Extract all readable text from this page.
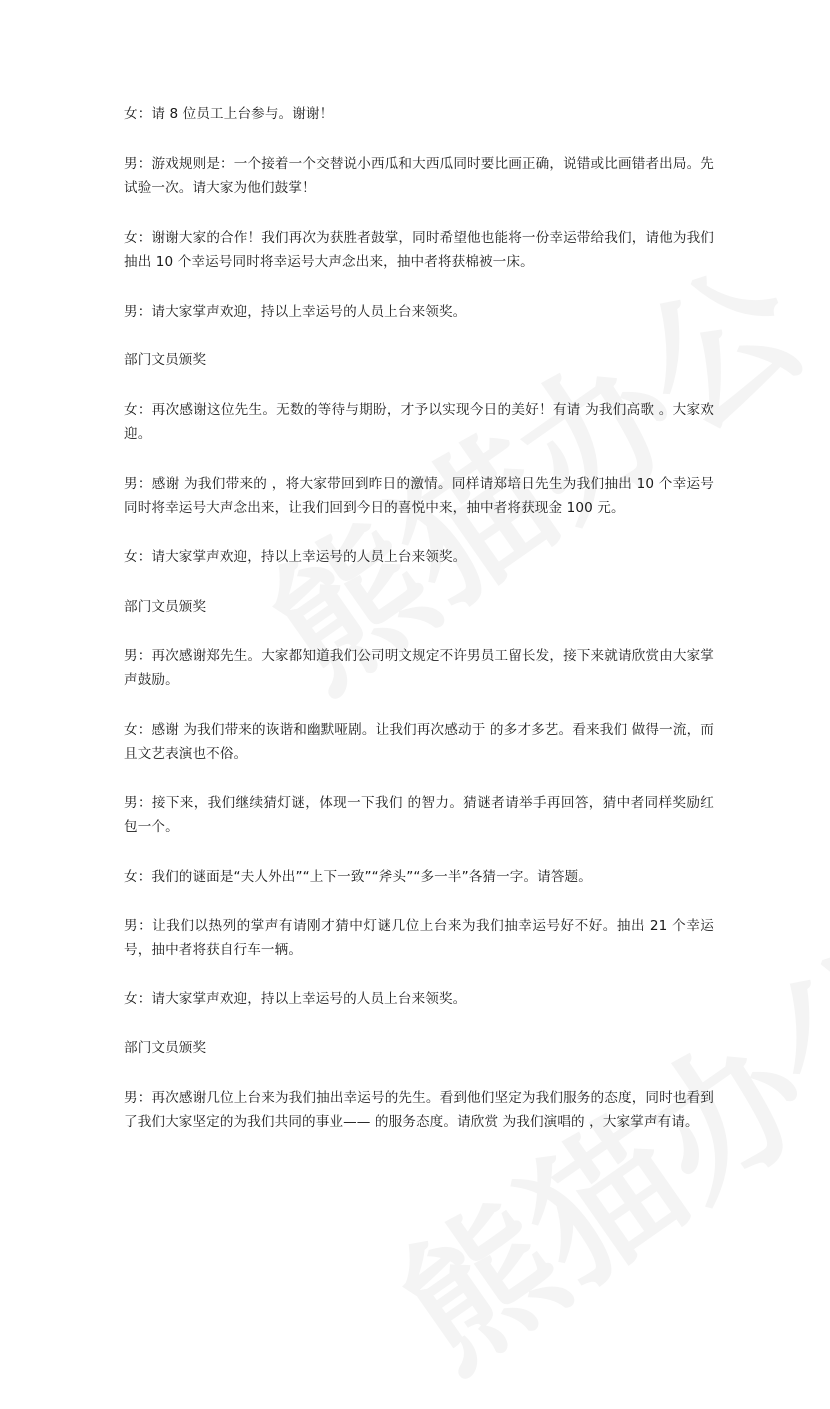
女：请 8 位员工上台参与。谢谢！

男：游戏规则是：一个接着一个交替说小西瓜和大西瓜同时要比画正确，说错或比画错者出局。先试验一次。请大家为他们鼓掌！

女：谢谢大家的合作！我们再次为获胜者鼓掌，同时希望他也能将一份幸运带给我们，请他为我们抽出 10 个幸运号同时将幸运号大声念出来，抽中者将获棉被一床。

男：请大家掌声欢迎，持以上幸运号的人员上台来领奖。

部门文员颁奖

女：再次感谢这位先生。无数的等待与期盼，才予以实现今日的美好！有请 为我们高歌 。大家欢迎。

男：感谢 为我们带来的 ，将大家带回到昨日的激情。同样请郑培日先生为我们抽出 10 个幸运号同时将幸运号大声念出来，让我们回到今日的喜悦中来，抽中者将获现金 100 元。

女：请大家掌声欢迎，持以上幸运号的人员上台来领奖。

部门文员颁奖

男：再次感谢郑先生。大家都知道我们公司明文规定不许男员工留长发，接下来就请欣赏由大家掌声鼓励。

女：感谢 为我们带来的诙谐和幽默哑剧。让我们再次感动于 的多才多艺。看来我们 做得一流，而且文艺表演也不俗。

男：接下来，我们继续猜灯谜，体现一下我们 的智力。猜谜者请举手再回答，猜中者同样奖励红包一个。

女：我们的谜面是“夫人外出”“上下一致”“斧头”“多一半”各猜一字。请答题。

男：让我们以热列的掌声有请刚才猜中灯谜几位上台来为我们抽幸运号好不好。抽出 21 个幸运号，抽中者将获自行车一辆。

女：请大家掌声欢迎，持以上幸运号的人员上台来领奖。

部门文员颁奖

男：再次感谢几位上台来为我们抽出幸运号的先生。看到他们坚定为我们服务的态度，同时也看到了我们大家坚定的为我们共同的事业—— 的服务态度。请欣赏 为我们演唱的 ，大家掌声有请。
